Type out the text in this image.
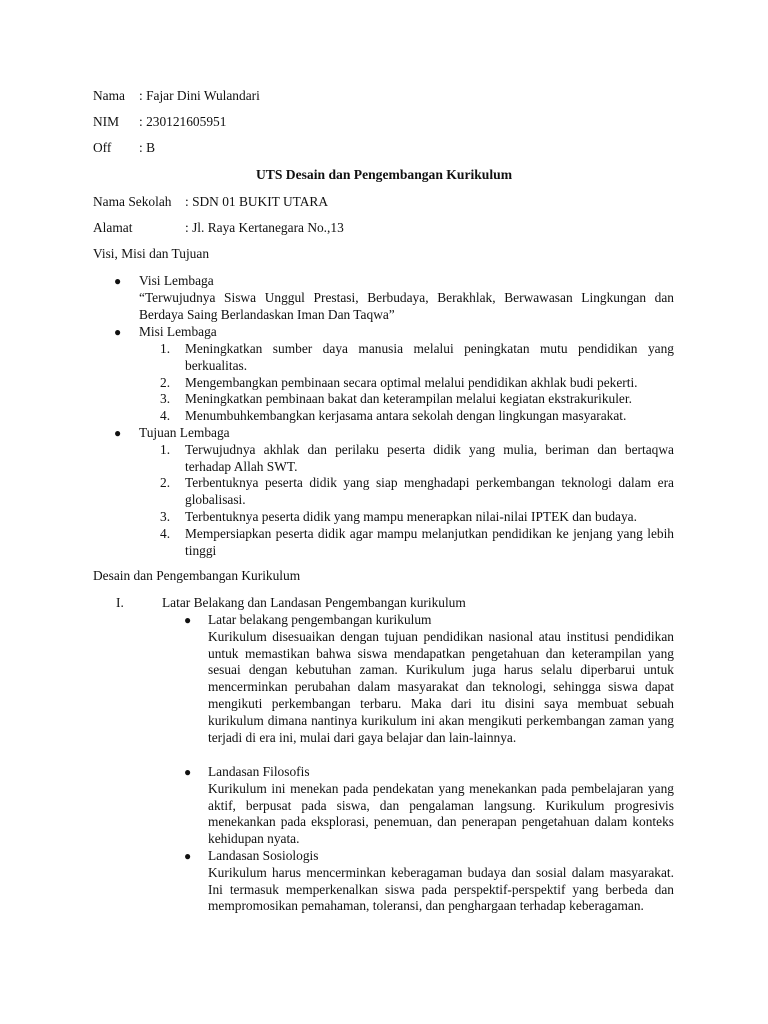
Nama : Fajar Dini Wulandari
NIM : 230121605951
Off : B
UTS Desain dan Pengembangan Kurikulum
Nama Sekolah : SDN 01 BUKIT UTARA
Alamat	: Jl. Raya Kertanegara No.,13
Visi, Misi dan Tujuan
● Visi Lembaga

“Terwujudnya Siswa Unggul Prestasi, Berbudaya, Berakhlak, Berwawasan Lingkungan dan Berdaya Saing Berlandaskan Iman Dan Taqwa”

● Misi Lembaga
1. Meningkatkan sumber daya manusia melalui peningkatan mutu pendidikan yang berkualitas.
2. Mengembangkan pembinaan secara optimal melalui pendidikan akhlak budi pekerti.
3. Meningkatkan pembinaan bakat dan keterampilan melalui kegiatan ekstrakurikuler.
4. Menumbuhkembangkan kerjasama antara sekolah dengan lingkungan masyarakat.
● Tujuan Lembaga
1. Terwujudnya akhlak dan perilaku peserta didik yang mulia, beriman dan bertaqwa terhadap Allah SWT.
2. Terbentuknya peserta didik yang siap menghadapi perkembangan teknologi dalam era globalisasi.
3. Terbentuknya peserta didik yang mampu menerapkan nilai-nilai IPTEK dan budaya.
4. Mempersiapkan peserta didik agar mampu melanjutkan pendidikan ke jenjang yang lebih tinggi
Desain dan Pengembangan Kurikulum
I.	Latar Belakang dan Landasan Pengembangan kurikulum
● Latar belakang pengembangan kurikulum

Kurikulum disesuaikan dengan tujuan pendidikan nasional atau institusi pendidikan untuk memastikan bahwa siswa mendapatkan pengetahuan dan keterampilan yang sesuai dengan kebutuhan zaman. Kurikulum juga harus selalu diperbarui untuk mencerminkan perubahan dalam masyarakat dan teknologi, sehingga siswa dapat mengikuti perkembangan terbaru. Maka dari itu disini saya membuat sebuah kurikulum dimana nantinya kurikulum ini akan mengikuti perkembangan zaman yang terjadi di era ini, mulai dari gaya belajar dan lain-lainnya.

● Landasan Filosofis

Kurikulum ini menekan pada pendekatan yang menekankan pada pembelajaran yang aktif, berpusat pada siswa, dan pengalaman langsung. Kurikulum progresivis menekankan pada eksplorasi, penemuan, dan penerapan pengetahuan dalam konteks kehidupan nyata.

● Landasan Sosiologis

Kurikulum harus mencerminkan keberagaman budaya dan sosial dalam masyarakat. Ini termasuk memperkenalkan siswa pada perspektif-perspektif yang berbeda dan mempromosikan pemahaman, toleransi, dan penghargaan terhadap keberagaman.
